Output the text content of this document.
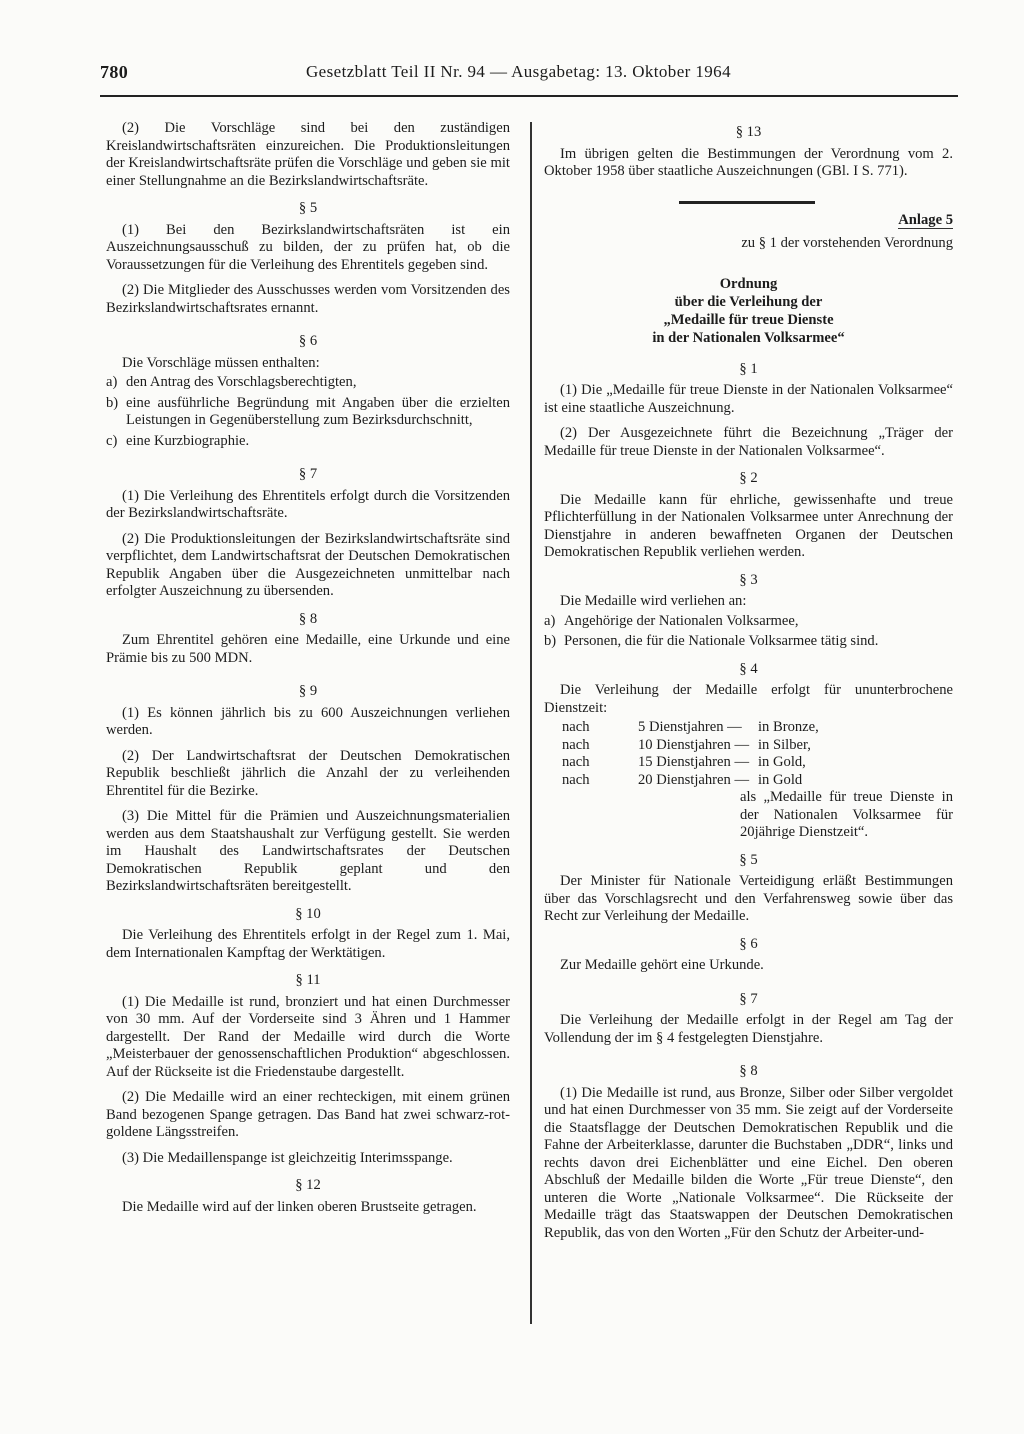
780	Gesetzblatt Teil II Nr. 94 — Ausgabetag: 13. Oktober 1964

(2) Die Vorschläge sind bei den zuständigen Kreislandwirtschaftsräten einzureichen. Die Produktionsleitungen der Kreislandwirtschaftsräte prüfen die Vorschläge und geben sie mit einer Stellungnahme an die Bezirkslandwirtschaftsräte.

§ 5

(1) Bei den Bezirkslandwirtschaftsräten ist ein Auszeichnungsausschuß zu bilden, der zu prüfen hat, ob die Voraussetzungen für die Verleihung des Ehrentitels gegeben sind.

(2) Die Mitglieder des Ausschusses werden vom Vorsitzenden des Bezirkslandwirtschaftsrates ernannt.

§ 6

Die Vorschläge müssen enthalten:

a) den Antrag des Vorschlagsberechtigten,
b) eine ausführliche Begründung mit Angaben über die erzielten Leistungen in Gegenüberstellung zum Bezirksdurchschnitt,
c) eine Kurzbiographie.
§ 7

(1) Die Verleihung des Ehrentitels erfolgt durch die Vorsitzenden der Bezirkslandwirtschaftsräte.

(2) Die Produktionsleitungen der Bezirkslandwirtschaftsräte sind verpflichtet, dem Landwirtschaftsrat der Deutschen Demokratischen Republik Angaben über die Ausgezeichneten unmittelbar nach erfolgter Auszeichnung zu übersenden.

§ 8

Zum Ehrentitel gehören eine Medaille, eine Urkunde und eine Prämie bis zu 500 MDN.

§ 9

(1) Es können jährlich bis zu 600 Auszeichnungen verliehen werden.

(2) Der Landwirtschaftsrat der Deutschen Demokratischen Republik beschließt jährlich die Anzahl der zu verleihenden Ehrentitel für die Bezirke.

(3) Die Mittel für die Prämien und Auszeichnungsmaterialien werden aus dem Staatshaushalt zur Verfügung gestellt. Sie werden im Haushalt des Landwirtschaftsrates der Deutschen Demokratischen Republik geplant und den Bezirkslandwirtschaftsräten bereitgestellt.

§ 10

Die Verleihung des Ehrentitels erfolgt in der Regel zum 1. Mai, dem Internationalen Kampftag der Werktätigen.

§ 11

(1) Die Medaille ist rund, bronziert und hat einen Durchmesser von 30 mm. Auf der Vorderseite sind 3 Ähren und 1 Hammer dargestellt. Der Rand der Medaille wird durch die Worte „Meisterbauer der genossenschaftlichen Produktion“ abgeschlossen. Auf der Rückseite ist die Friedenstaube dargestellt.

(2) Die Medaille wird an einer rechteckigen, mit einem grünen Band bezogenen Spange getragen. Das Band hat zwei schwarz-rot-goldene Längsstreifen.

(3) Die Medaillenspange ist gleichzeitig Interimsspange.

§ 12

Die Medaille wird auf der linken oberen Brustseite getragen.

§ 13

Im übrigen gelten die Bestimmungen der Verordnung vom 2. Oktober 1958 über staatliche Auszeichnungen (GBl. I S. 771).

Anlage 5
zu § 1 der vorstehenden Verordnung
Ordnung
über die Verleihung der
„Medaille für treue Dienste
in der Nationalen Volksarmee“
§ 1

(1) Die „Medaille für treue Dienste in der Nationalen Volksarmee“ ist eine staatliche Auszeichnung.

(2) Der Ausgezeichnete führt die Bezeichnung „Träger der Medaille für treue Dienste in der Nationalen Volksarmee“.

§ 2

Die Medaille kann für ehrliche, gewissenhafte und treue Pflichterfüllung in der Nationalen Volksarmee unter Anrechnung der Dienstjahre in anderen bewaffneten Organen der Deutschen Demokratischen Republik verliehen werden.

§ 3

Die Medaille wird verliehen an:

a) Angehörige der Nationalen Volksarmee,
b) Personen, die für die Nationale Volksarmee tätig sind.
§ 4

Die Verleihung der Medaille erfolgt für ununterbrochene Dienstzeit:

nach	5 Dienstjahren —	in Bronze,
nach	10 Dienstjahren — in Silber,
nach	15 Dienstjahren — in Gold,
nach	20 Dienstjahren — in Gold
als „Medaille für treue Dienste in der Nationalen Volksarmee für 20jährige Dienstzeit“.
§ 5

Der Minister für Nationale Verteidigung erläßt Bestimmungen über das Vorschlagsrecht und den Verfahrensweg sowie über das Recht zur Verleihung der Medaille.

§ 6

Zur Medaille gehört eine Urkunde.

§ 7

Die Verleihung der Medaille erfolgt in der Regel am Tag der Vollendung der im § 4 festgelegten Dienstjahre.

§ 8

(1) Die Medaille ist rund, aus Bronze, Silber oder Silber vergoldet und hat einen Durchmesser von 35 mm. Sie zeigt auf der Vorderseite die Staatsflagge der Deutschen Demokratischen Republik und die Fahne der Arbeiterklasse, darunter die Buchstaben „DDR“, links und rechts davon drei Eichenblätter und eine Eichel. Den oberen Abschluß der Medaille bilden die Worte „Für treue Dienste“, den unteren die Worte „Nationale Volksarmee“. Die Rückseite der Medaille trägt das Staatswappen der Deutschen Demokratischen Republik, das von den Worten „Für den Schutz der Arbeiter-und-
